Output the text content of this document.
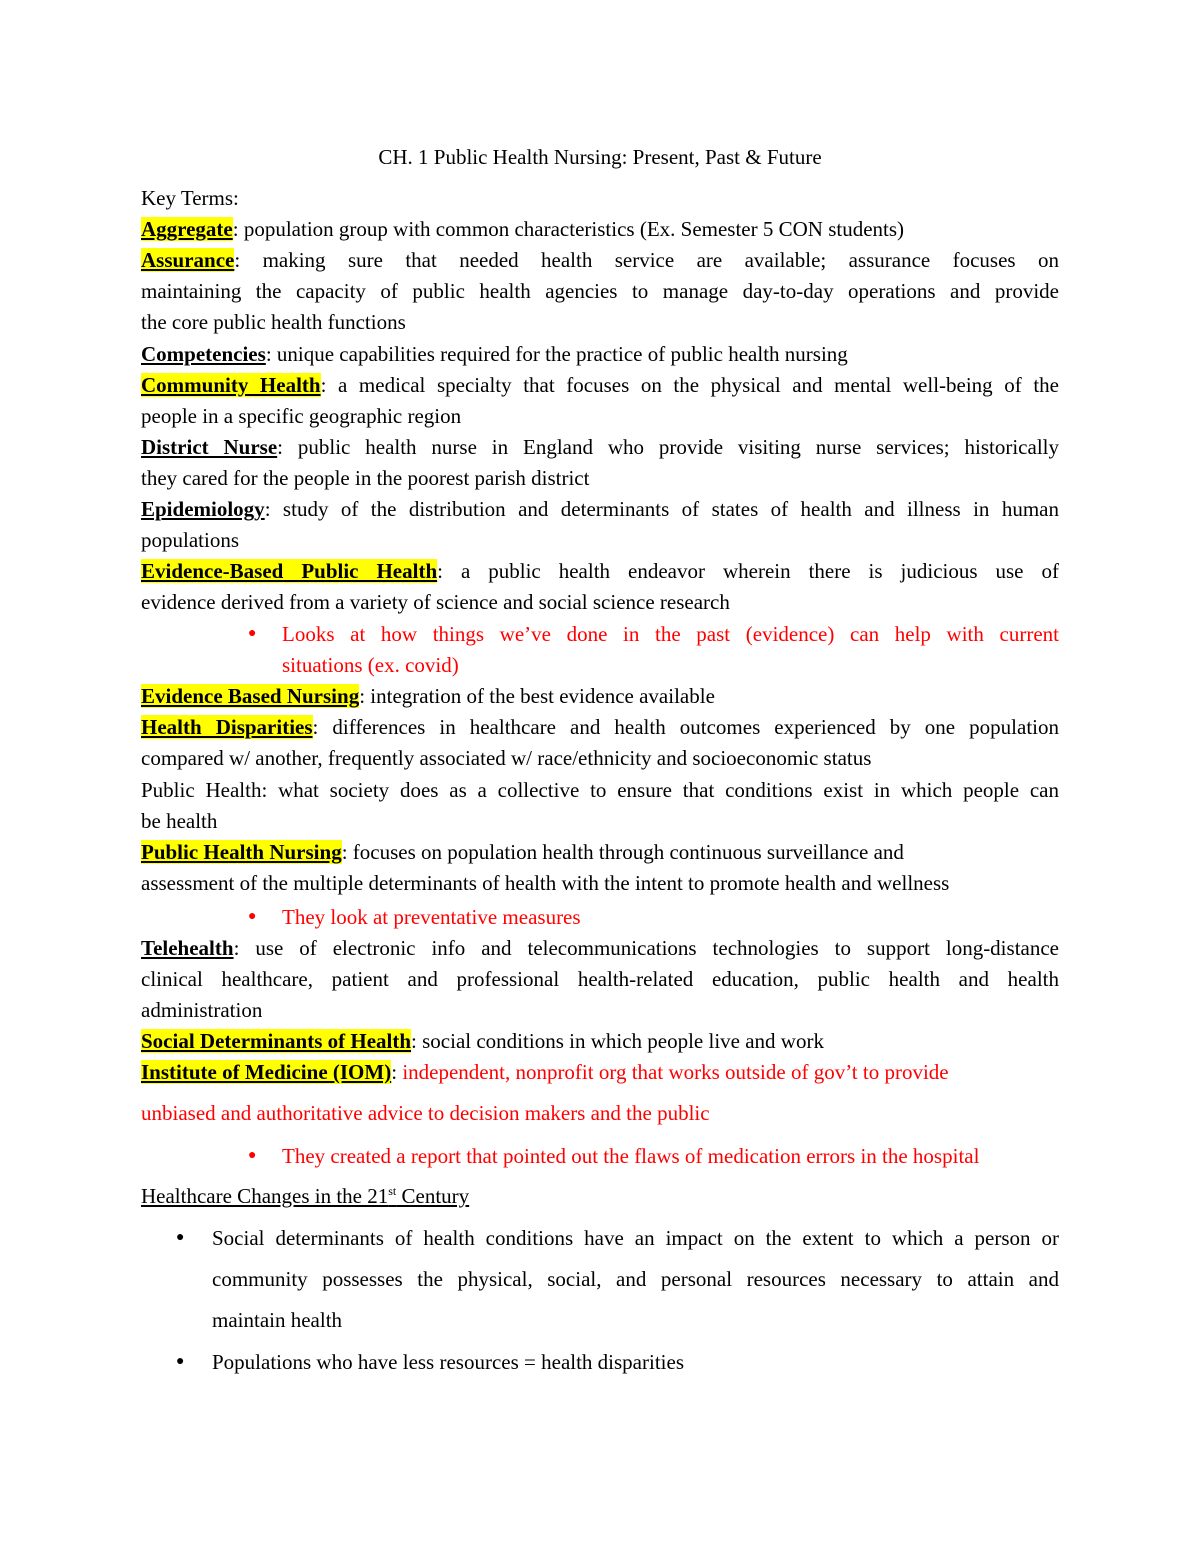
CH. 1 Public Health Nursing: Present, Past & Future
Key Terms:
Aggregate: population group with common characteristics (Ex. Semester 5 CON students)
Assurance: making sure that needed health service are available; assurance focuses on
maintaining the capacity of public health agencies to manage day-to-day operations and provide
the core public health functions
Competencies: unique capabilities required for the practice of public health nursing
Community Health: a medical specialty that focuses on the physical and mental well-being of the
people in a specific geographic region
District Nurse: public health nurse in England who provide visiting nurse services; historically
they cared for the people in the poorest parish district
Epidemiology: study of the distribution and determinants of states of health and illness in human
populations
Evidence-Based Public Health: a public health endeavor wherein there is judicious use of
evidence derived from a variety of science and social science research
● Looks at how things we’ve done in the past (evidence) can help with current
situations (ex. covid)
Evidence Based Nursing: integration of the best evidence available
Health Disparities: differences in healthcare and health outcomes experienced by one population
compared w/ another, frequently associated w/ race/ethnicity and socioeconomic status
Public Health: what society does as a collective to ensure that conditions exist in which people can
be health
Public Health Nursing: focuses on population health through continuous surveillance and
assessment of the multiple determinants of health with the intent to promote health and wellness
● They look at preventative measures
Telehealth: use of electronic info and telecommunications technologies to support long-distance
clinical healthcare, patient and professional health-related education, public health and health
administration
Social Determinants of Health: social conditions in which people live and work
Institute of Medicine (IOM): independent, nonprofit org that works outside of gov’t to provide
unbiased and authoritative advice to decision makers and the public
● They created a report that pointed out the flaws of medication errors in the hospital
Healthcare Changes in the 21st Century
● Social determinants of health conditions have an impact on the extent to which a person or
community possesses the physical, social, and personal resources necessary to attain and
maintain health
● Populations who have less resources = health disparities
